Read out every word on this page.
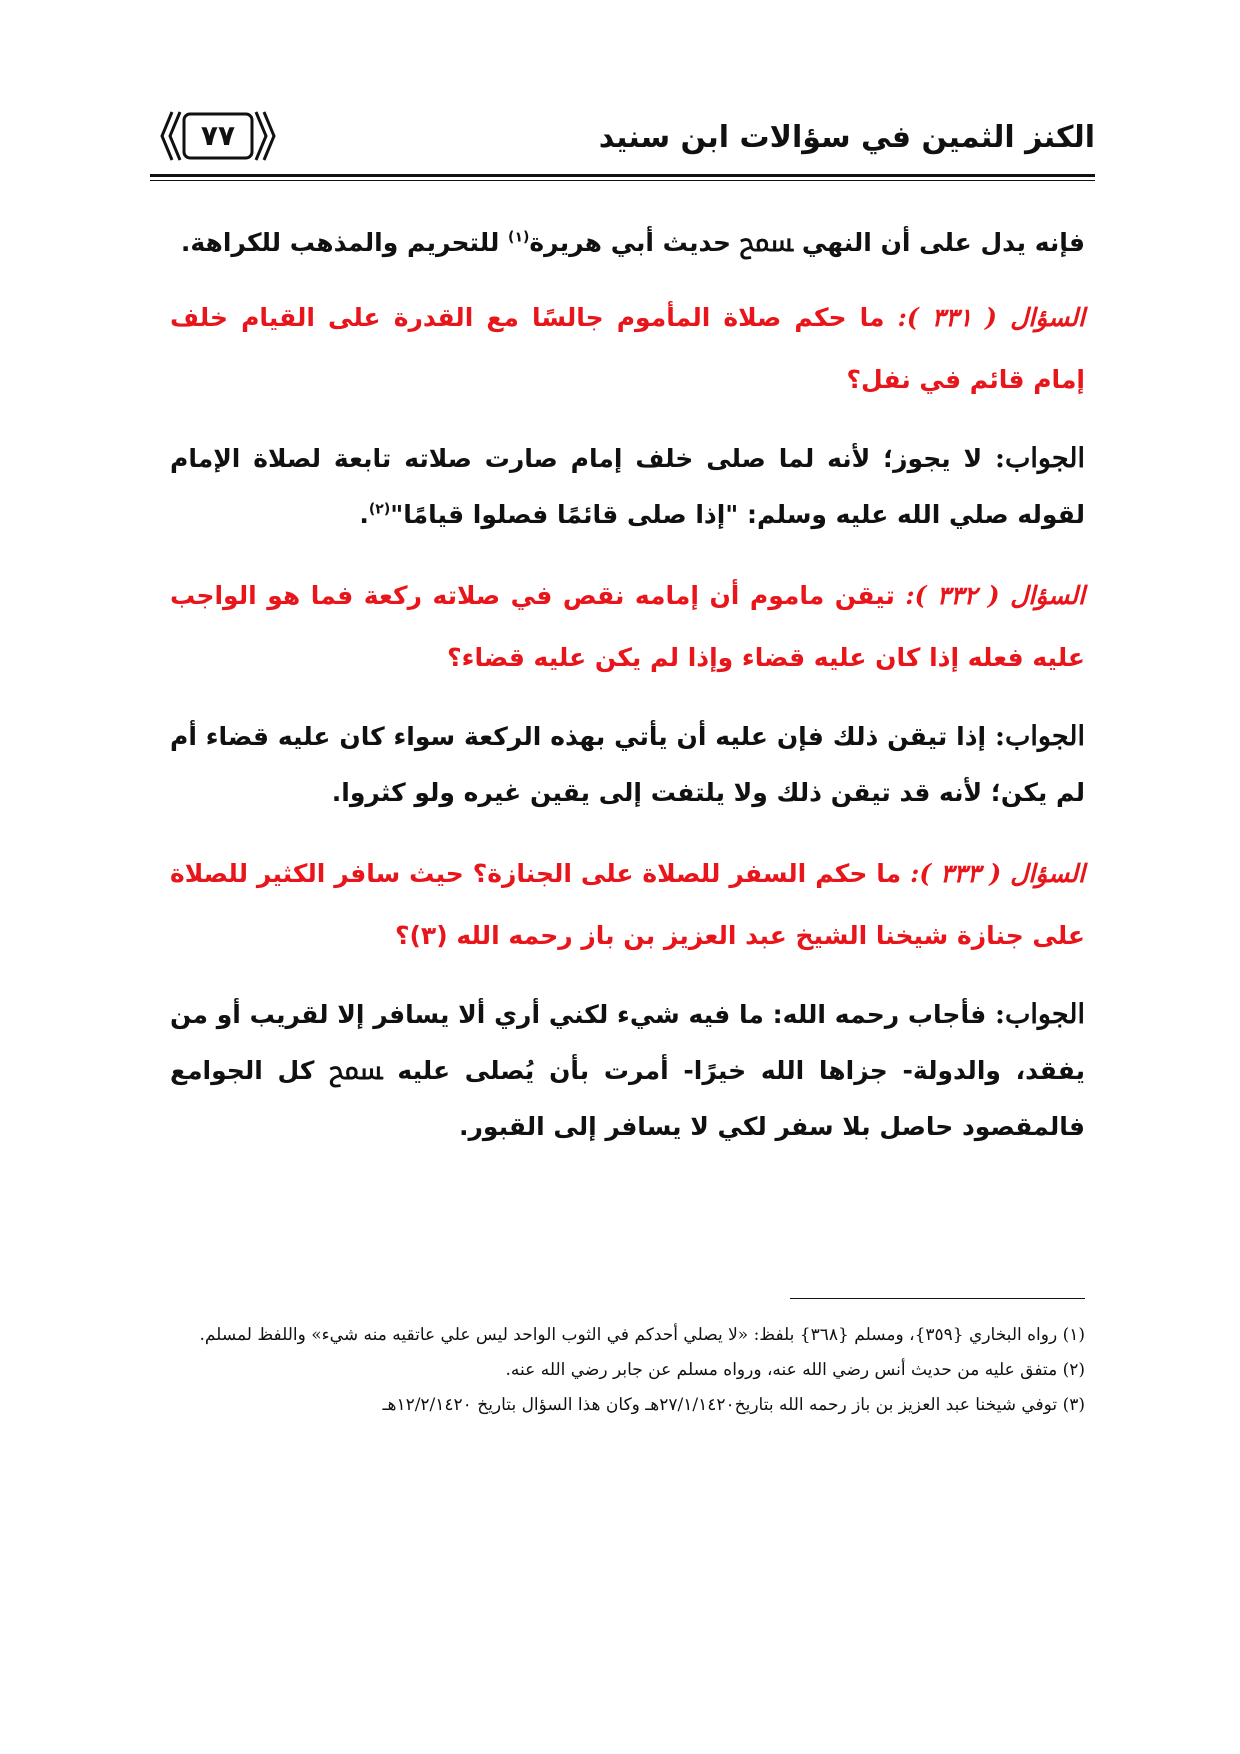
الكنز الثمين في سؤالات ابن سنيد
٧٧

فإنه يدل على أن النهي ﵟ حديث أبي هريرة$^{(١)}$ للتحريم والمذهب للكراهة.

السؤال ( ٣٣١ ): ما حكم صلاة المأموم جالسًا مع القدرة على القيام خلف إمام قائم في نفل؟

الجواب: لا يجوز؛ لأنه لما صلى خلف إمام صارت صلاته تابعة لصلاة الإمام لقوله صلي الله عليه وسلم: "إذا صلى قائمًا فصلوا قيامًا"$^{(٢)}$.

السؤال ( ٣٣٢ ): تيقن ماموم أن إمامه نقص في صلاته ركعة فما هو الواجب عليه فعله إذا كان عليه قضاء وإذا لم يكن عليه قضاء؟

الجواب: إذا تيقن ذلك فإن عليه أن يأتي بهذه الركعة سواء كان عليه قضاء أم لم يكن؛ لأنه قد تيقن ذلك ولا يلتفت إلى يقين غيره ولو كثروا.

السؤال ( ٣٣٣ ): ما حكم السفر للصلاة على الجنازة؟ حيث سافر الكثير للصلاة على جنازة شيخنا الشيخ عبد العزيز بن باز رحمه الله (٣)؟

الجواب: فأجاب رحمه الله: ما فيه شيء لكني أري ألا يسافر إلا لقريب أو من يفقد، والدولة- جزاها الله خيرًا- أمرت بأن يُصلى عليه ﵟ كل الجوامع فالمقصود حاصل بلا سفر لكي لا يسافر إلى القبور.

(١) رواه البخاري {٣٥٩}، ومسلم {٣٦٨} بلفظ: «لا يصلي أحدكم في الثوب الواحد ليس علي عاتقيه منه شيء» واللفظ لمسلم.

(٢) متفق عليه من حديث أنس رضي الله عنه، ورواه مسلم عن جابر رضي الله عنه.

(٣) توفي شيخنا عبد العزيز بن باز رحمه الله بتاريخ٢٧/١/١٤٢٠هـ وكان هذا السؤال بتاريخ ١٢/٢/١٤٢٠هـ
